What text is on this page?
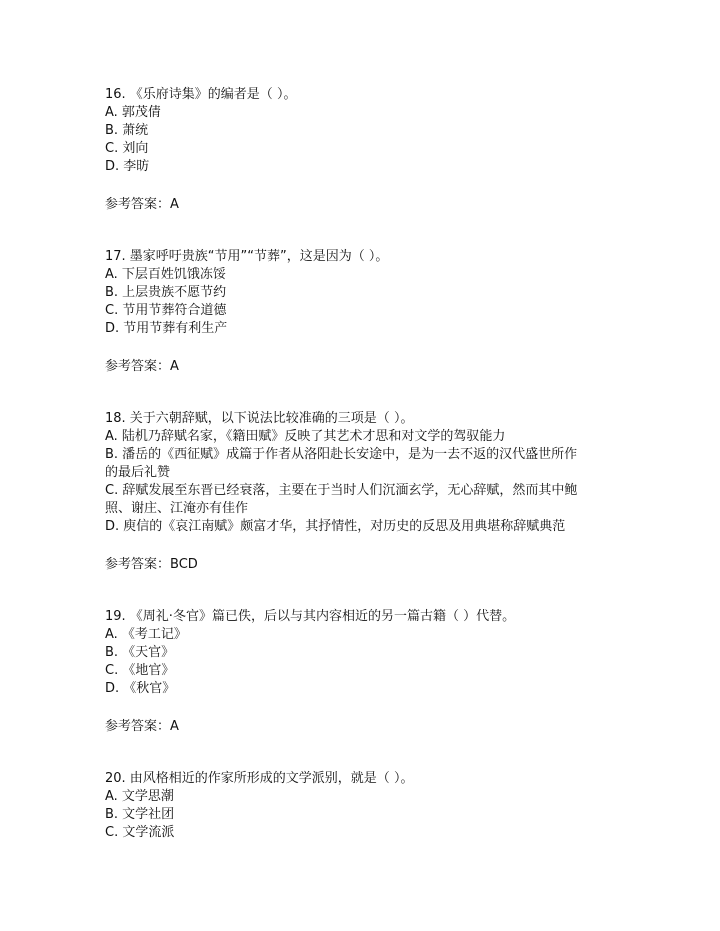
16. 《乐府诗集》的编者是（ ）。
A. 郭茂倩
B. 萧统
C. 刘向
D. 李昉
参考答案：A
17. 墨家呼吁贵族“节用”“节葬”，这是因为（ ）。
A. 下层百姓饥饿冻馁
B. 上层贵族不愿节约
C. 节用节葬符合道德
D. 节用节葬有利生产
参考答案：A
18. 关于六朝辞赋，以下说法比较准确的三项是（ ）。
A. 陆机乃辞赋名家，《籍田赋》反映了其艺术才思和对文学的驾驭能力
B. 潘岳的《西征赋》成篇于作者从洛阳赴长安途中，是为一去不返的汉代盛世所作
的最后礼赞
C. 辞赋发展至东晋已经衰落，主要在于当时人们沉湎玄学，无心辞赋，然而其中鲍
照、谢庄、江淹亦有佳作
D. 庾信的《哀江南赋》颇富才华，其抒情性，对历史的反思及用典堪称辞赋典范
参考答案：BCD
19. 《周礼·冬官》篇已佚，后以与其内容相近的另一篇古籍（ ）代替。
A. 《考工记》
B. 《天官》
C. 《地官》
D. 《秋官》
参考答案：A
20. 由风格相近的作家所形成的文学派别，就是（ ）。
A. 文学思潮
B. 文学社团
C. 文学流派
